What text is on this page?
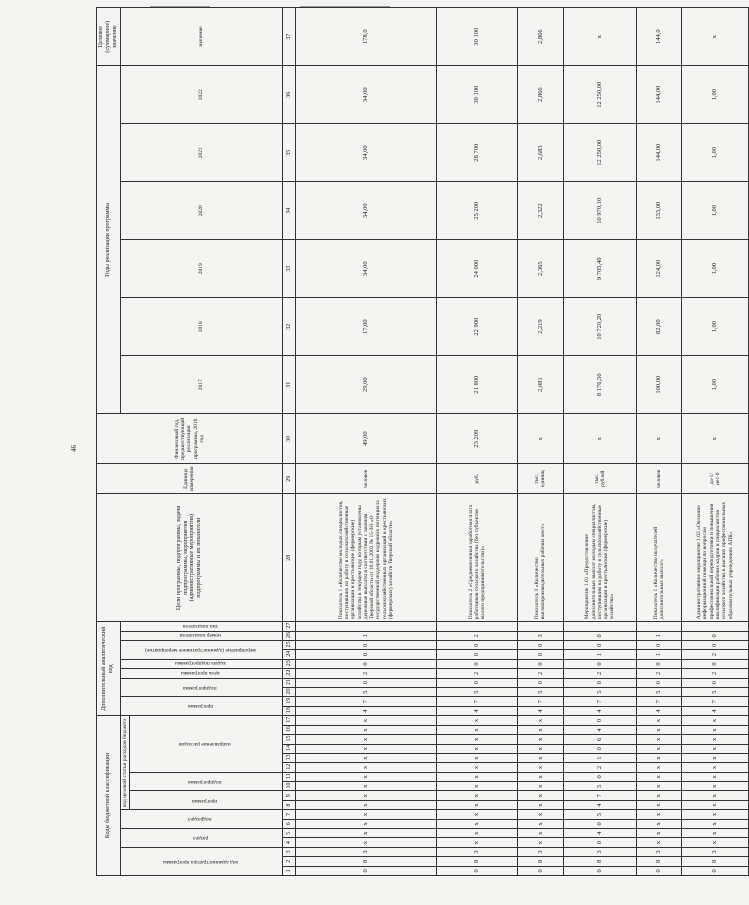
46
Коды бюджетной классификации																	Дополнительный аналитический код										Цели программы, подпрограммы, задачи подпрограммы, мероприятия (административные мероприятия) подпрограммы и их показатели	Единица измерения	Финансовый год, предшествующий реализации программы, 2016 год	Годы реализации программы						Целевое (суммарное) значение
код администратора программы			раздел		подраздел		код целевой статьи расходов бюджета										программа		подпрограмма		цель программы	задача подпрограммы	мероприятие (административное мероприятие)		номер показателя	тип показателя				2017	2018	2019	2020	2021	2022	значение
							программа		подпрограмма		направление расходов																									
1	2	3	4	5	6	7	8	9	10	11	12	13	14	15	16	17	18	19	20	21	22	23	24	25	26	27	28	29	30	31	32	33	34	35	36	37
0	8	3	х	х	х	х	х	х	х	х	х	х	х	х	х	х	4	7	5	0	2	0	0	0	1		Показатель 1 «Количество молодых специалистов, поступивших на работу в сельскохозяйственные организации и крестьянские (фермерские) хозяйства в текущем году, которым установлены денежные выплаты в соответствии с законом Тверской области от 10.01.2003 № 15-ЗО «О государственной поддержке кадрового потенциала сельскохозяйственных организаций и крестьянских (фермерских) хозяйств Тверской области»	человек	49,00	29,00	17,00	34,00	34,00	34,00	34,00	178,0
0	8	3	х	х	х	х	х	х	х	х	х	х	х	х	х	х	4	7	5	0	2	0	0	0	2		Показатель 2 «Среднемесячная заработная плата работников сельского хозяйства (без субъектов малого предпринимательства)»	руб.	23 209	21 800	22 900	24 000	25 200	28 700	30 100	30 100
0	8	3	х	х	х	х	х	х	х	х	х	х	х	х	х	х	4	7	5	0	2	0	0	0	3		Показатель 3 «Количество высокопроизводительных рабочих мест»	тыс. единиц	х	2,081	2,219	2,365	2,322	2,683	2,866	2,866
0	8	3	0	4	0	5	4	7	5	0	2	1	0	6	4	0	4	7	5	0	2	0	1	0	0		Мероприятие 1.01 «Предоставление дополнительных выплат молодым специалистам, поступившим на работу в сельскохозяйственные организации и крестьянские (фермерские) хозяйства»	тыс. рублей	х	8 176,50	10 720,20	9 705,40	10 970,10	12 250,00	12 250,00	х
0	8	3	х	х	х	х	х	х	х	х	х	х	х	х	х	х	4	7	5	0	2	0	1	0	1		Показатель 1 «Количество получателей дополнительных выплат»	человек	х	100,00	82,00	124,00	133,00	144,00	144,00	144,0
0	8	3	х	х	х	х	х	х	х	х	х	х	х	х	х	х	4	7	5	0	2	0	2	0	0		Административное мероприятие 1.02 «Оказание информационной помощи по вопросам профессиональной переподготовки и повышения квалификации рабочих кадров и специалистов сельского хозяйства в высших профессиональных образовательных учреждениях АПК»	да-1/ нет-0	х	1,00	1,00	1,00	1,00	1,00	1,00	х
